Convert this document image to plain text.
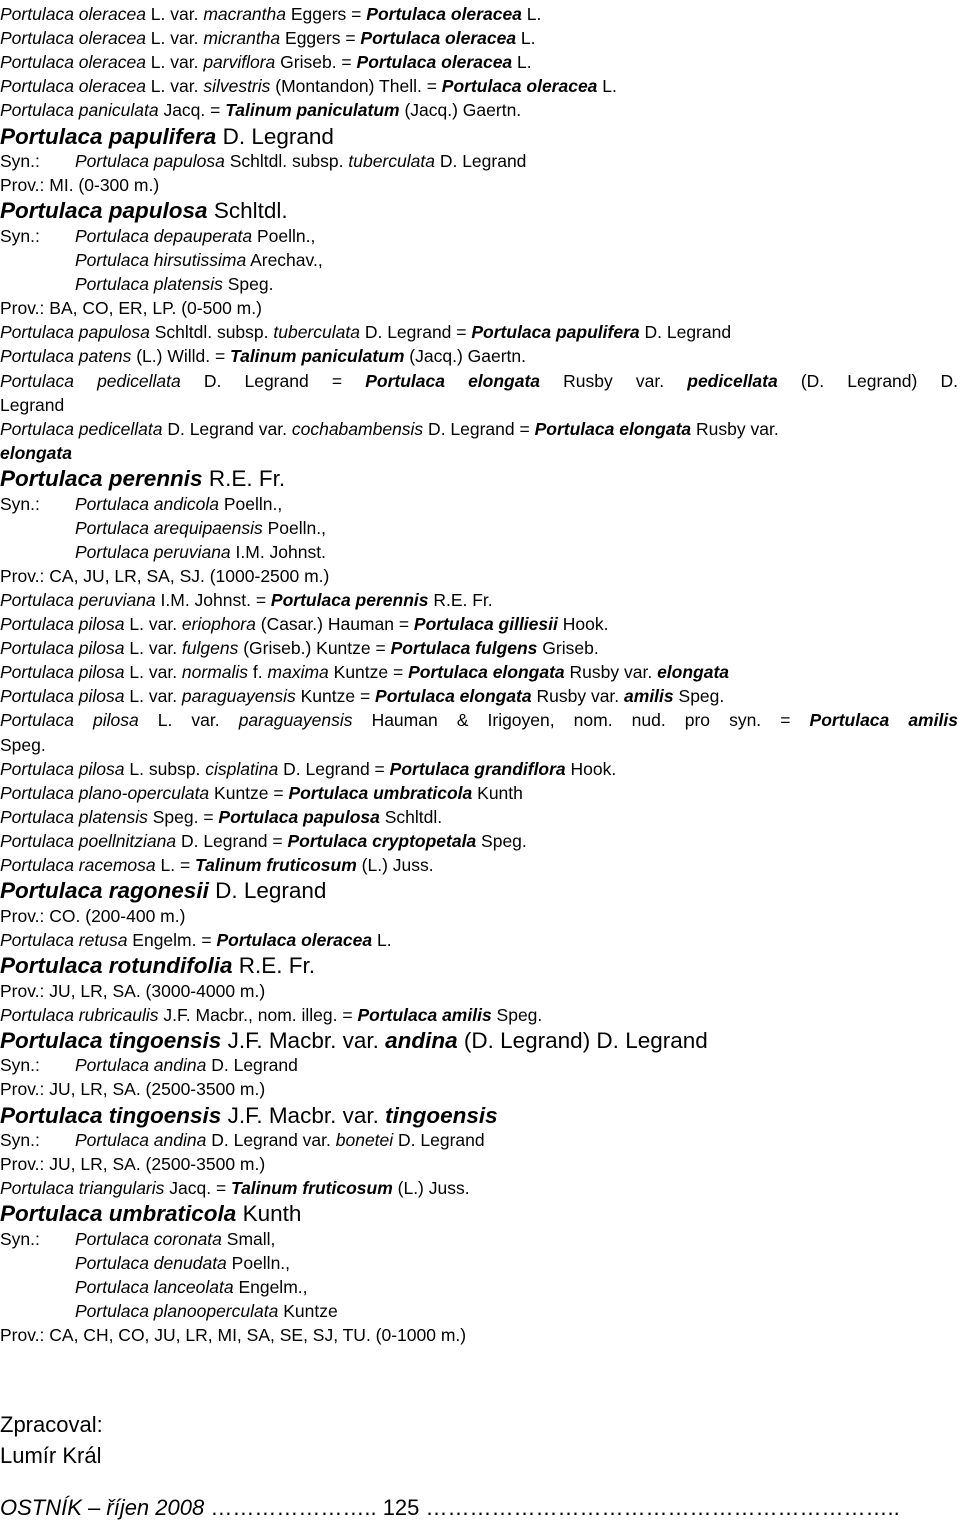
Portulaca oleracea L. var. macrantha Eggers = Portulaca oleracea L.
Portulaca oleracea L. var. micrantha Eggers = Portulaca oleracea L.
Portulaca oleracea L. var. parviflora Griseb. = Portulaca oleracea L.
Portulaca oleracea L. var. silvestris (Montandon) Thell. = Portulaca oleracea L.
Portulaca paniculata Jacq. = Talinum paniculatum (Jacq.) Gaertn.
Portulaca papulifera D. Legrand
Syn.: Portulaca papulosa Schltdl. subsp. tuberculata D. Legrand
Prov.: MI. (0-300 m.)
Portulaca papulosa Schltdl.
Syn.: Portulaca depauperata Poelln.,
Portulaca hirsutissima Arechav.,
Portulaca platensis Speg.
Prov.: BA, CO, ER, LP. (0-500 m.)
Portulaca papulosa Schltdl. subsp. tuberculata D. Legrand = Portulaca papulifera D. Legrand
Portulaca patens (L.) Willd. = Talinum paniculatum (Jacq.) Gaertn.
Portulaca pedicellata D. Legrand = Portulaca elongata Rusby var. pedicellata (D. Legrand) D.
Legrand
Portulaca pedicellata D. Legrand var. cochabambensis D. Legrand = Portulaca elongata Rusby var.
elongata
Portulaca perennis R.E. Fr.
Syn.: Portulaca andicola Poelln.,
Portulaca arequipaensis Poelln.,
Portulaca peruviana I.M. Johnst.
Prov.: CA, JU, LR, SA, SJ. (1000-2500 m.)
Portulaca peruviana I.M. Johnst. = Portulaca perennis R.E. Fr.
Portulaca pilosa L. var. eriophora (Casar.) Hauman = Portulaca gilliesii Hook.
Portulaca pilosa L. var. fulgens (Griseb.) Kuntze = Portulaca fulgens Griseb.
Portulaca pilosa L. var. normalis f. maxima Kuntze = Portulaca elongata Rusby var. elongata
Portulaca pilosa L. var. paraguayensis Kuntze = Portulaca elongata Rusby var. amilis Speg.
Portulaca pilosa L. var. paraguayensis Hauman & Irigoyen, nom. nud. pro syn. = Portulaca amilis
Speg.
Portulaca pilosa L. subsp. cisplatina D. Legrand = Portulaca grandiflora Hook.
Portulaca plano-operculata Kuntze = Portulaca umbraticola Kunth
Portulaca platensis Speg. = Portulaca papulosa Schltdl.
Portulaca poellnitziana D. Legrand = Portulaca cryptopetala Speg.
Portulaca racemosa L. = Talinum fruticosum (L.) Juss.
Portulaca ragonesii D. Legrand
Prov.: CO. (200-400 m.)
Portulaca retusa Engelm. = Portulaca oleracea L.
Portulaca rotundifolia R.E. Fr.
Prov.: JU, LR, SA. (3000-4000 m.)
Portulaca rubricaulis J.F. Macbr., nom. illeg. = Portulaca amilis Speg.
Portulaca tingoensis J.F. Macbr. var. andina (D. Legrand) D. Legrand
Syn.: Portulaca andina D. Legrand
Prov.: JU, LR, SA. (2500-3500 m.)
Portulaca tingoensis J.F. Macbr. var. tingoensis
Syn.: Portulaca andina D. Legrand var. bonetei D. Legrand
Prov.: JU, LR, SA. (2500-3500 m.)
Portulaca triangularis Jacq. = Talinum fruticosum (L.) Juss.
Portulaca umbraticola Kunth
Syn.: Portulaca coronata Small,
Portulaca denudata Poelln.,
Portulaca lanceolata Engelm.,
Portulaca planooperculata Kuntze
Prov.: CA, CH, CO, JU, LR, MI, SA, SE, SJ, TU. (0-1000 m.)
Zpracoval:
Lumír Král
OSTNÍK – říjen 2008 ………………….. 125 ………………………………………………………..
